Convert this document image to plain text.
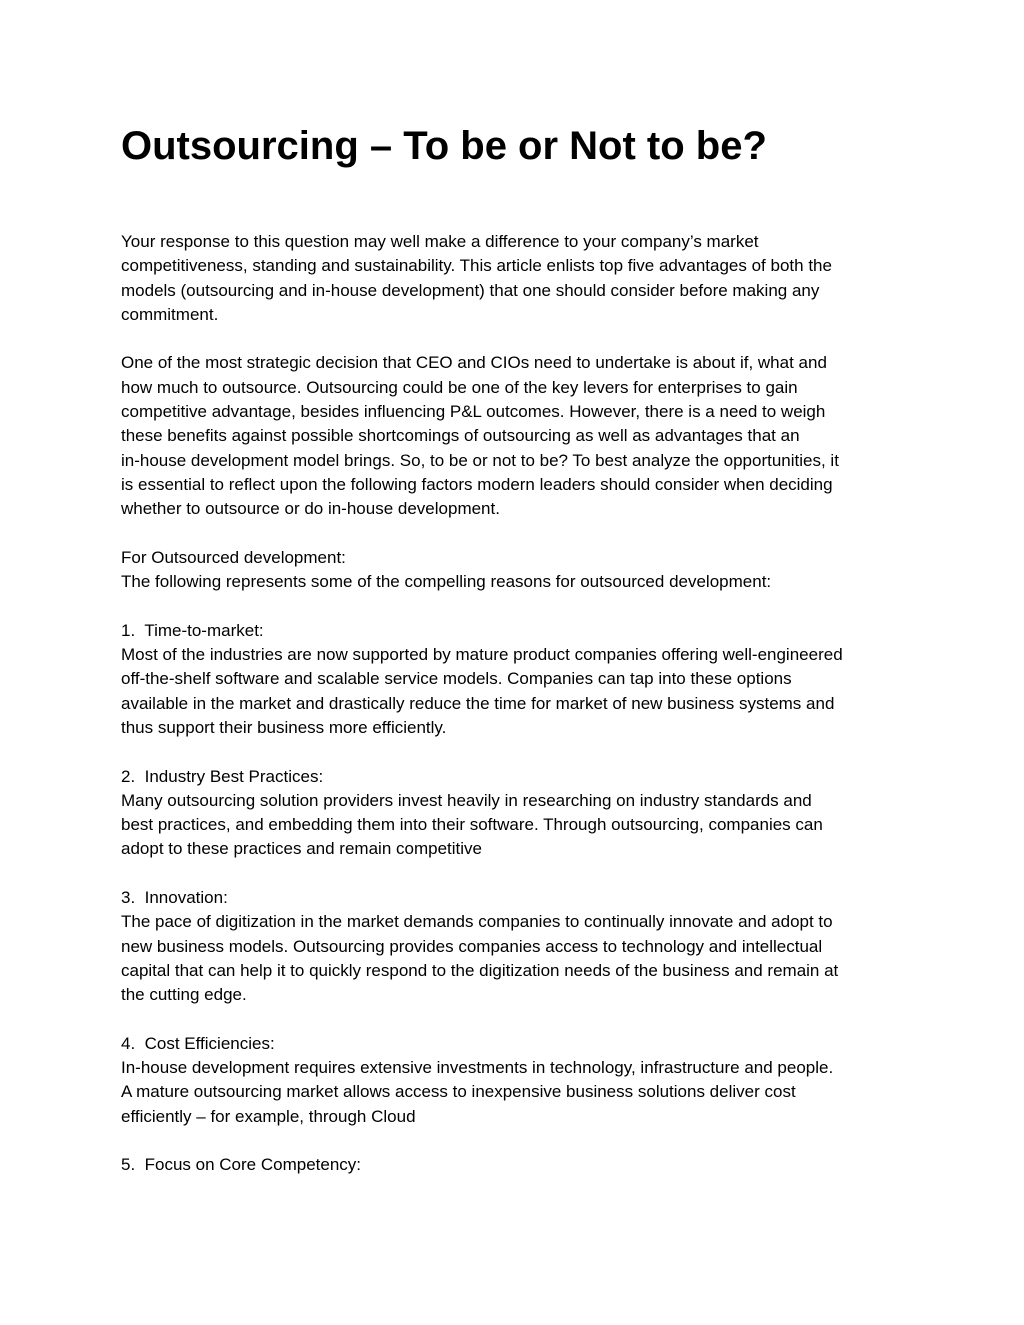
Outsourcing – To be or Not to be?

Your response to this question may well make a difference to your company’s market
competitiveness, standing and sustainability. This article enlists top five advantages of both the
models (outsourcing and in-house development) that one should consider before making any
commitment.

One of the most strategic decision that CEO and CIOs need to undertake is about if, what and
how much to outsource. Outsourcing could be one of the key levers for enterprises to gain
competitive advantage, besides influencing P&L outcomes. However, there is a need to weigh
these benefits against possible shortcomings of outsourcing as well as advantages that an
in-house development model brings. So, to be or not to be? To best analyze the opportunities, it
is essential to reflect upon the following factors modern leaders should consider when deciding
whether to outsource or do in-house development.

For Outsourced development:
The following represents some of the compelling reasons for outsourced development:

1.  Time-to-market:
Most of the industries are now supported by mature product companies offering well-engineered
off-the-shelf software and scalable service models. Companies can tap into these options
available in the market and drastically reduce the time for market of new business systems and
thus support their business more efficiently.

2.  Industry Best Practices:
Many outsourcing solution providers invest heavily in researching on industry standards and
best practices, and embedding them into their software. Through outsourcing, companies can
adopt to these practices and remain competitive

3.  Innovation:
The pace of digitization in the market demands companies to continually innovate and adopt to
new business models. Outsourcing provides companies access to technology and intellectual
capital that can help it to quickly respond to the digitization needs of the business and remain at
the cutting edge.

4.  Cost Efficiencies:
In-house development requires extensive investments in technology, infrastructure and people.
A mature outsourcing market allows access to inexpensive business solutions deliver cost
efficiently – for example, through Cloud

5.  Focus on Core Competency:
